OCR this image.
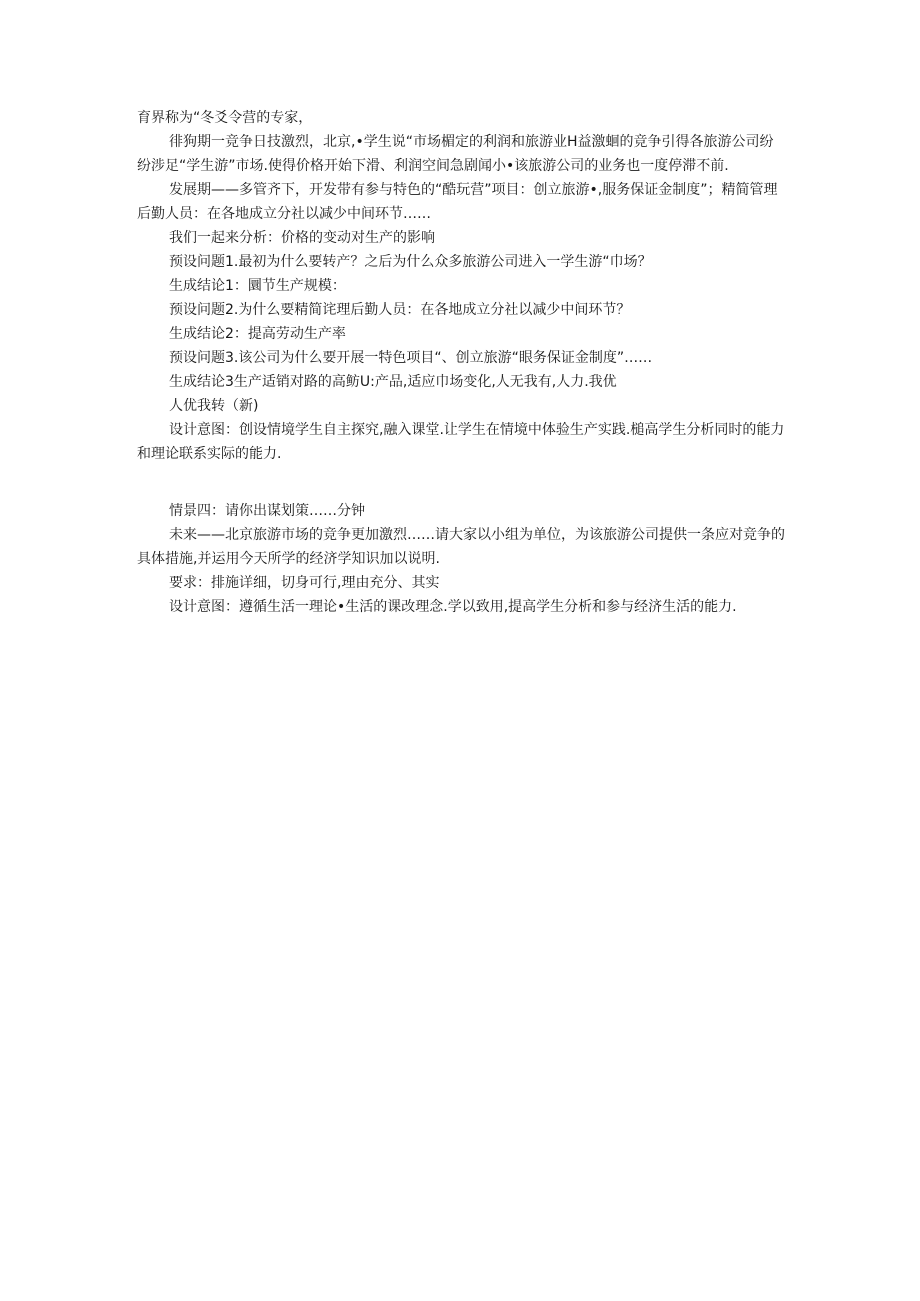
育界称为“冬爻令营的专家，

徘狗期一竞争日技激烈，北京,•学生说“市场楣定的利润和旅游业H益激蛔的竞争引得各旅游公司纷纷涉足“学生游”市场.使得价格开始下滑、利润空间急剧闻小•该旅游公司的业务也一度停滞不前.

发展期——多管齐下，开发带有参与特色的“酷玩营”项目：创立旅游•,服务保证金制度”；精简管理后勤人员：在各地成立分社以减少中间环节……

我们一起来分析：价格的变动对生产的影响

预设问题1.最初为什么要转产？之后为什么众多旅游公司进入一学生游“巾场？

生成结论1：圜节生产规模：

预设问题2.为什么要精简诧理后勤人员：在各地成立分社以减少中间环节？

生成结论2：提高劳动生产率

预设问题3.该公司为什么要开展一特色项目“、创立旅游“眼务保证金制度”……

生成结论3生产适销对路的高鲂U:产品,适应巾场变化,人无我有,人力.我优

人优我转（新)

设计意图：创设情境学生自主探究,融入课堂.让学生在情境中体验生产实践.槌高学生分析同时的能力和理论联系实际的能力.

情景四：请你出谋划策……分钟

未来——北京旅游市场的竞争更加激烈……请大家以小组为单位，为该旅游公司提供一条应对竞争的具体措施,并运用今天所学的经济学知识加以说明.

要求：排施详细，切身可行,理由充分、其实

设计意图：遵循生活一理论•生活的课改理念.学以致用,提高学生分析和参与经济生活的能力.
